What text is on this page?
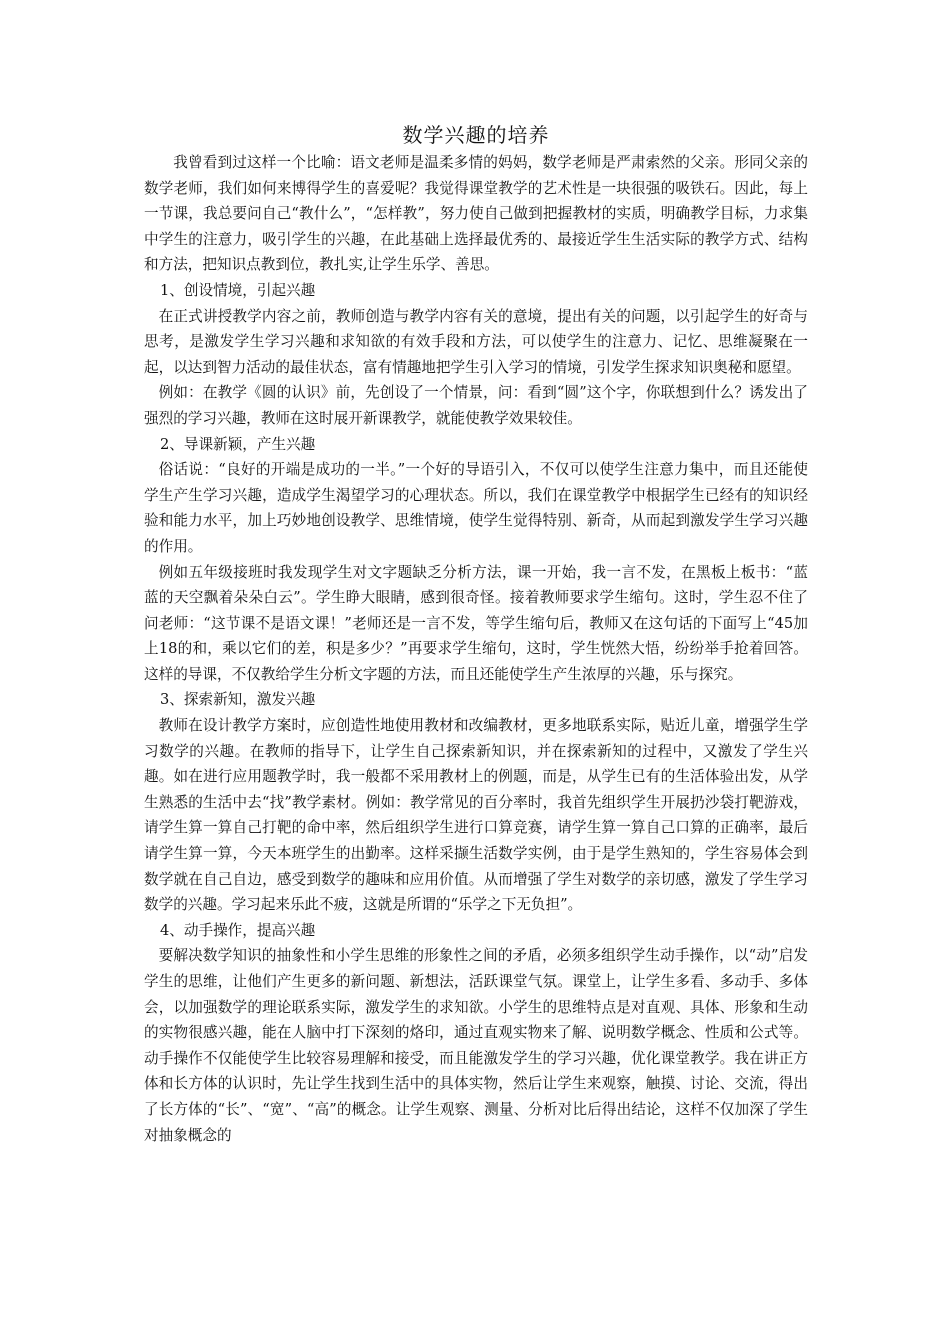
数学兴趣的培养

我曾看到过这样一个比喻：语文老师是温柔多情的妈妈，数学老师是严肃索然的父亲。形同父亲的数学老师，我们如何来博得学生的喜爱呢？我觉得课堂教学的艺术性是一块很强的吸铁石。因此，每上一节课，我总要问自己“教什么”，“怎样教”，努力使自己做到把握教材的实质，明确教学目标，力求集中学生的注意力，吸引学生的兴趣，在此基础上选择最优秀的、最接近学生生活实际的教学方式、结构和方法，把知识点教到位，教扎实,让学生乐学、善思。

1、创设情境，引起兴趣

在正式讲授教学内容之前，教师创造与教学内容有关的意境，提出有关的问题，以引起学生的好奇与思考，是激发学生学习兴趣和求知欲的有效手段和方法，可以使学生的注意力、记忆、思维凝聚在一起，以达到智力活动的最佳状态，富有情趣地把学生引入学习的情境，引发学生探求知识奥秘和愿望。

例如：在教学《圆的认识》前，先创设了一个情景，问：看到“圆”这个字，你联想到什么？诱发出了强烈的学习兴趣，教师在这时展开新课教学，就能使教学效果较佳。

2、导课新颖，产生兴趣

俗话说：“良好的开端是成功的一半。”一个好的导语引入，不仅可以使学生注意力集中，而且还能使学生产生学习兴趣，造成学生渴望学习的心理状态。所以，我们在课堂教学中根据学生已经有的知识经验和能力水平，加上巧妙地创设教学、思维情境，使学生觉得特别、新奇，从而起到激发学生学习兴趣的作用。

例如五年级接班时我发现学生对文字题缺乏分析方法，课一开始，我一言不发，在黑板上板书：“蓝蓝的天空飘着朵朵白云”。学生睁大眼睛，感到很奇怪。接着教师要求学生缩句。这时，学生忍不住了问老师：“这节课不是语文课！”老师还是一言不发，等学生缩句后，教师又在这句话的下面写上“45加上18的和，乘以它们的差，积是多少？”再要求学生缩句，这时，学生恍然大悟，纷纷举手抢着回答。这样的导课，不仅教给学生分析文字题的方法，而且还能使学生产生浓厚的兴趣，乐与探究。

3、探索新知，激发兴趣

教师在设计教学方案时，应创造性地使用教材和改编教材，更多地联系实际，贴近儿童，增强学生学习数学的兴趣。在教师的指导下，让学生自己探索新知识，并在探索新知的过程中，又激发了学生兴趣。如在进行应用题教学时，我一般都不采用教材上的例题，而是，从学生已有的生活体验出发，从学生熟悉的生活中去“找”教学素材。例如：教学常见的百分率时，我首先组织学生开展扔沙袋打靶游戏，请学生算一算自己打靶的命中率，然后组织学生进行口算竞赛，请学生算一算自己口算的正确率，最后请学生算一算，今天本班学生的出勤率。这样采撷生活数学实例，由于是学生熟知的，学生容易体会到数学就在自己自边，感受到数学的趣味和应用价值。从而增强了学生对数学的亲切感，激发了学生学习数学的兴趣。学习起来乐此不疲，这就是所谓的“乐学之下无负担”。

4、动手操作，提高兴趣

要解决数学知识的抽象性和小学生思维的形象性之间的矛盾，必须多组织学生动手操作，以“动”启发学生的思维，让他们产生更多的新问题、新想法，活跃课堂气氛。课堂上，让学生多看、多动手、多体会，以加强数学的理论联系实际，激发学生的求知欲。小学生的思维特点是对直观、具体、形象和生动的实物很感兴趣，能在人脑中打下深刻的烙印，通过直观实物来了解、说明数学概念、性质和公式等。动手操作不仅能使学生比较容易理解和接受，而且能激发学生的学习兴趣，优化课堂教学。我在讲正方体和长方体的认识时，先让学生找到生活中的具体实物，然后让学生来观察，触摸、讨论、交流，得出了长方体的“长”、“宽”、“高”的概念。让学生观察、测量、分析对比后得出结论，这样不仅加深了学生对抽象概念的
